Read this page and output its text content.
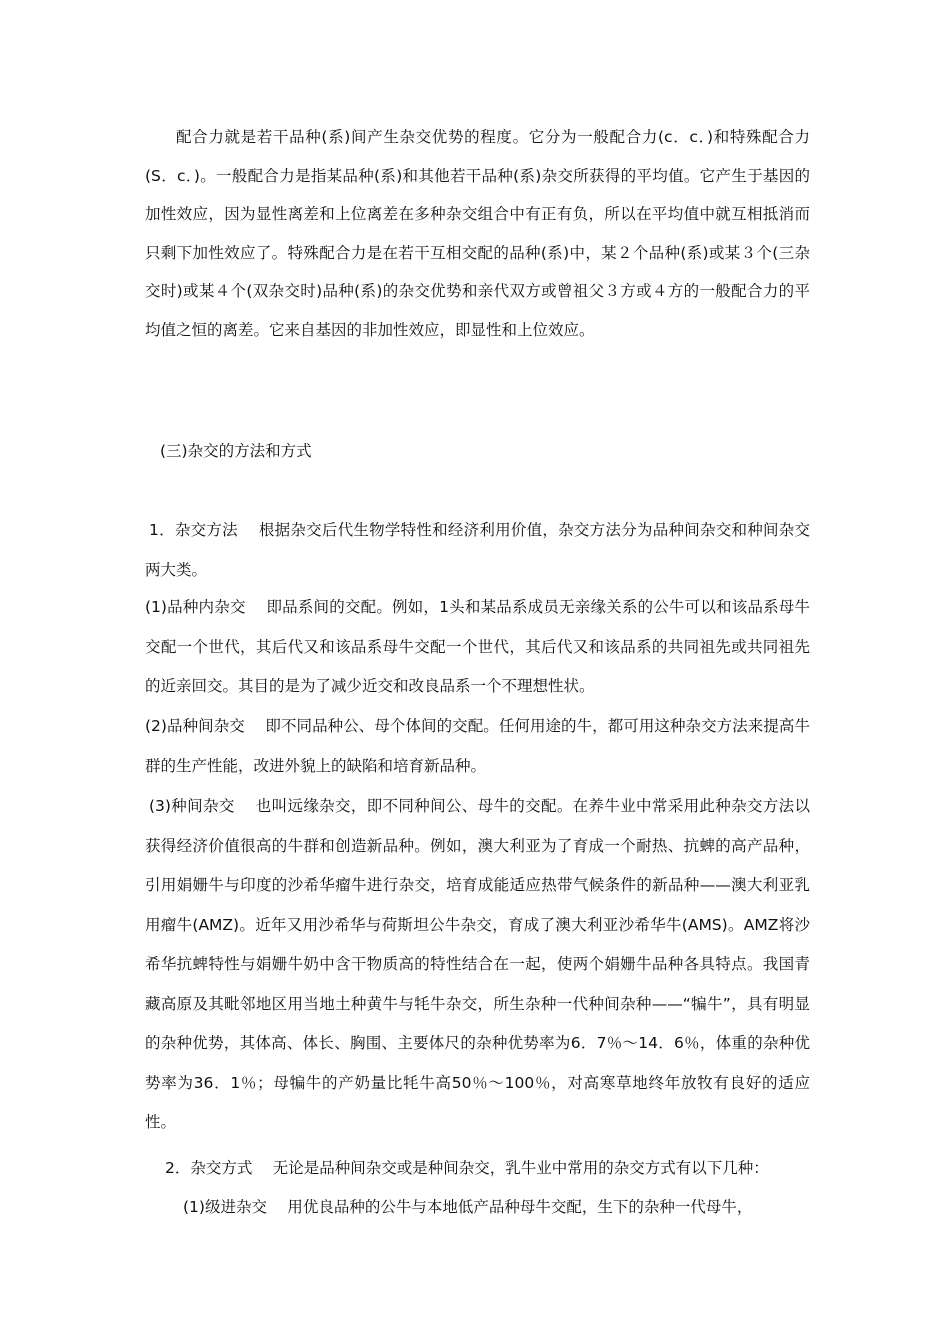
配合力就是若干品种(系)间产生杂交优势的程度。它分为一般配合力(c．c．)和特殊配合力(S．c．)。一般配合力是指某品种(系)和其他若干品种(系)杂交所获得的平均值。它产生于基因的加性效应，因为显性离差和上位离差在多种杂交组合中有正有负，所以在平均值中就互相抵消而只剩下加性效应了。特殊配合力是在若干互相交配的品种(系)中，某２个品种(系)或某３个(三杂交时)或某４个(双杂交时)品种(系)的杂交优势和亲代双方或曾祖父３方或４方的一般配合力的平均值之恒的离差。它来自基因的非加性效应，即显性和上位效应。

(三)杂交的方法和方式

1．杂交方法　 根据杂交后代生物学特性和经济利用价值，杂交方法分为品种间杂交和种间杂交两大类。

(1)品种内杂交　 即品系间的交配。例如，1头和某品系成员无亲缘关系的公牛可以和该品系母牛交配一个世代，其后代又和该品系母牛交配一个世代，其后代又和该品系的共同祖先或共同祖先的近亲回交。其目的是为了减少近交和改良品系一个不理想性状。

(2)品种间杂交　 即不同品种公、母个体间的交配。任何用途的牛，都可用这种杂交方法来提高牛群的生产性能，改进外貌上的缺陷和培育新品种。

(3)种间杂交　 也叫远缘杂交，即不同种间公、母牛的交配。在养牛业中常采用此种杂交方法以获得经济价值很高的牛群和创造新品种。例如，澳大利亚为了育成一个耐热、抗蜱的高产品种，引用娟姗牛与印度的沙希华瘤牛进行杂交，培育成能适应热带气候条件的新品种——澳大利亚乳用瘤牛(AMZ)。近年又用沙希华与荷斯坦公牛杂交，育成了澳大利亚沙希华牛(AMS)。AMZ将沙希华抗蜱特性与娟姗牛奶中含干物质高的特性结合在一起，使两个娟姗牛品种各具特点。我国青藏高原及其毗邻地区用当地土种黄牛与牦牛杂交，所生杂种一代种间杂种——“犏牛”，具有明显的杂种优势，其体高、体长、胸围、主要体尺的杂种优势率为6．7％～14．6％，体重的杂种优势率为36．1％；母犏牛的产奶量比牦牛高50％～100％，对高寒草地终年放牧有良好的适应性。

2．杂交方式　 无论是品种间杂交或是种间杂交，乳牛业中常用的杂交方式有以下几种：

(1)级进杂交　 用优良品种的公牛与本地低产品种母牛交配，生下的杂种一代母牛，
